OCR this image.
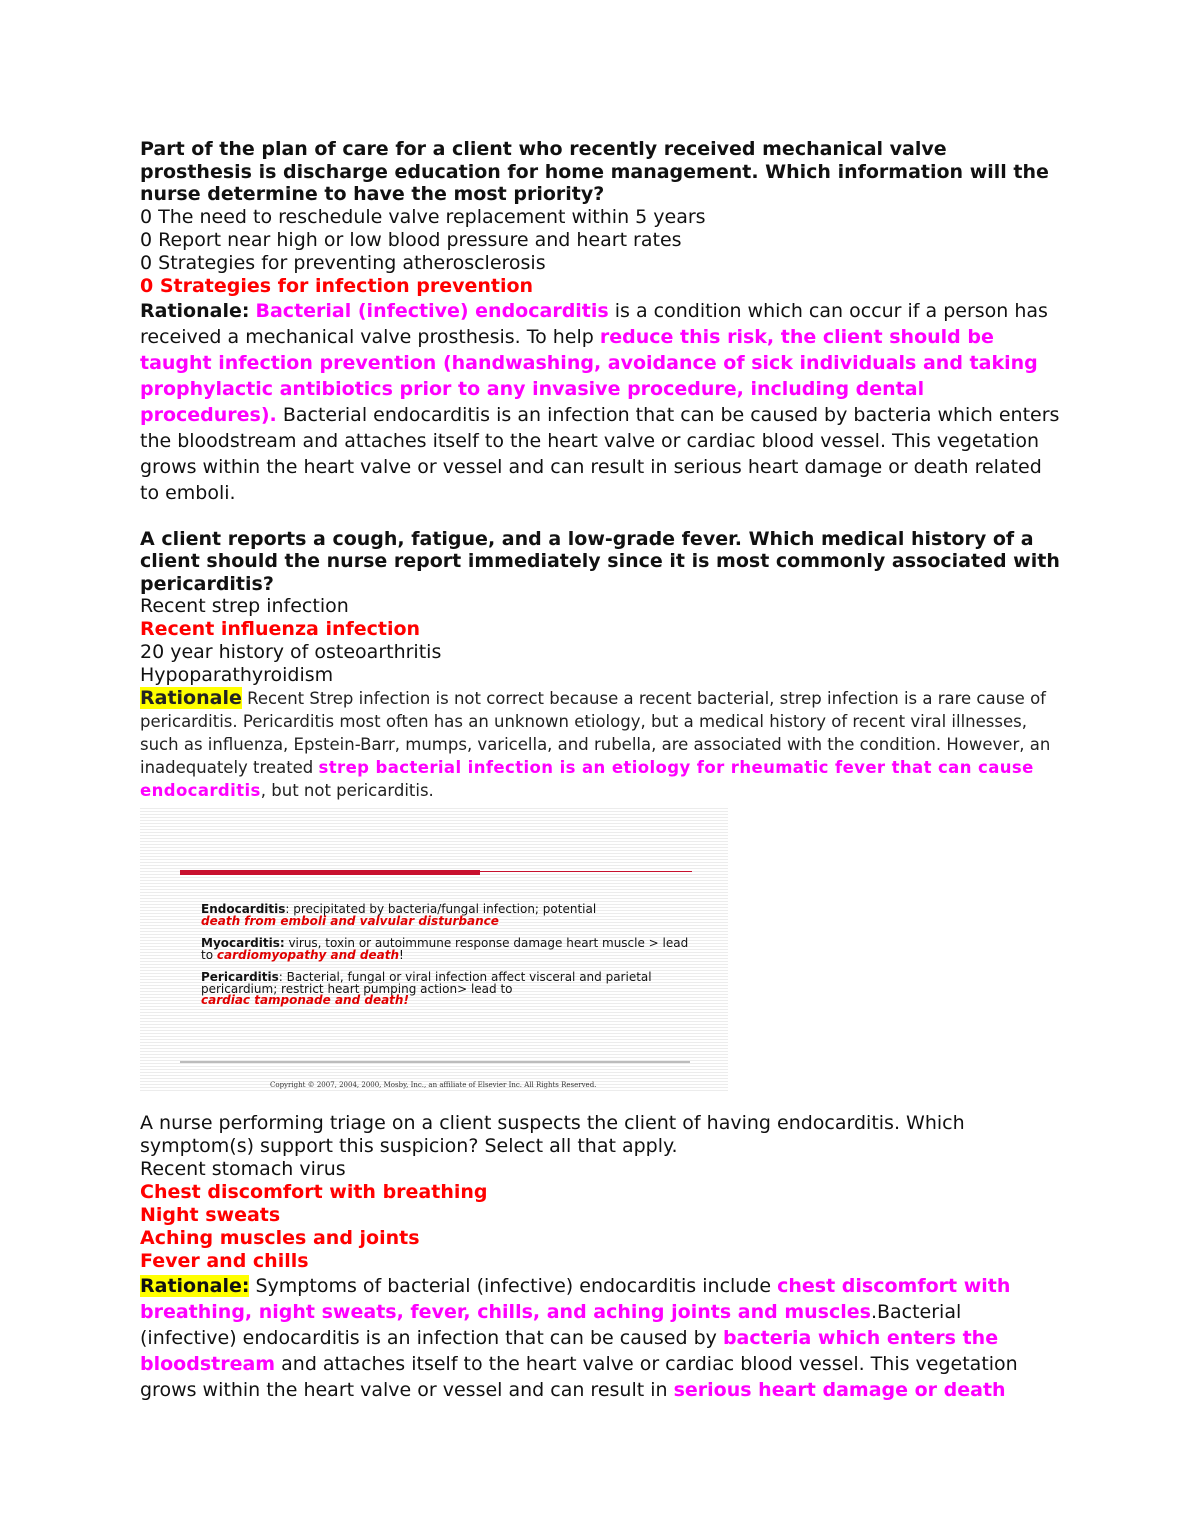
Part of the plan of care for a client who recently received mechanical valve prosthesis is discharge education for home management. Which information will the nurse determine to have the most priority?

0 The need to reschedule valve replacement within 5 years

0 Report near high or low blood pressure and heart rates

0 Strategies for preventing atherosclerosis

0 Strategies for infection prevention

Rationale: Bacterial (infective) endocarditis is a condition which can occur if a person has received a mechanical valve prosthesis. To help reduce this risk, the client should be taught infection prevention (handwashing, avoidance of sick individuals and taking prophylactic antibiotics prior to any invasive procedure, including dental procedures). Bacterial endocarditis is an infection that can be caused by bacteria which enters the bloodstream and attaches itself to the heart valve or cardiac blood vessel. This vegetation grows within the heart valve or vessel and can result in serious heart damage or death related to emboli.

A client reports a cough, fatigue, and a low-grade fever. Which medical history of a client should the nurse report immediately since it is most commonly associated with pericarditis?

Recent strep infection

Recent influenza infection

20 year history of osteoarthritis

Hypoparathyroidism

Rationale Recent Strep infection is not correct because a recent bacterial, strep infection is a rare cause of pericarditis. Pericarditis most often has an unknown etiology, but a medical history of recent viral illnesses, such as influenza, Epstein-Barr, mumps, varicella, and rubella, are associated with the condition. However, an inadequately treated strep bacterial infection is an etiology for rheumatic fever that can cause endocarditis, but not pericarditis.

Endocarditis: precipitated by bacteria/fungal infection; potential
death from emboli and valvular disturbance
Myocarditis: virus, toxin or autoimmune response damage heart muscle > lead to cardiomyopathy and death!
Pericarditis: Bacterial, fungal or viral infection affect visceral and parietal pericardium; restrict heart pumping action> lead to
cardiac tamponade and death!
Copyright © 2007, 2004, 2000, Mosby, Inc., an affiliate of Elsevier Inc. All Rights Reserved.

A nurse performing triage on a client suspects the client of having endocarditis. Which symptom(s) support this suspicion? Select all that apply.

Recent stomach virus

Chest discomfort with breathing

Night sweats

Aching muscles and joints

Fever and chills

Rationale: Symptoms of bacterial (infective) endocarditis include chest discomfort with breathing, night sweats, fever, chills, and aching joints and muscles.Bacterial (infective) endocarditis is an infection that can be caused by bacteria which enters the bloodstream and attaches itself to the heart valve or cardiac blood vessel. This vegetation grows within the heart valve or vessel and can result in serious heart damage or death
